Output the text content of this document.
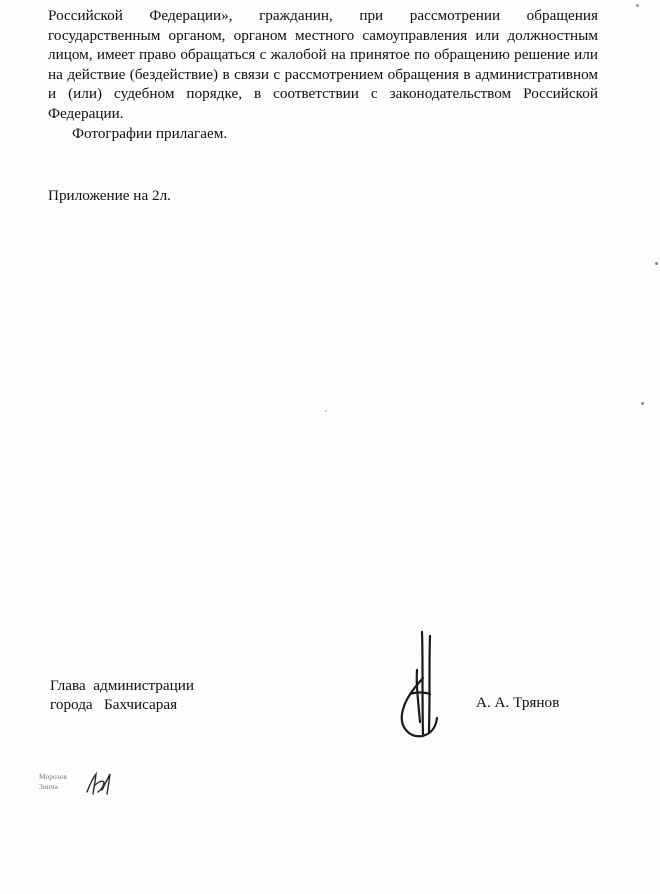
Российской Федерации», гражданин, при рассмотрении обращения государственным органом, органом местного самоуправления или должностным лицом, имеет право обращаться с жалобой на принятое по обращению решение или на действие (бездействие) в связи с рассмотрением обращения в административном и (или) судебном порядке, в соответствии с законодательством Российской Федерации.

Фотографии прилагаем.

Приложение на 2л.
Глава  администрации
города   Бахчисарая	А. А. Трянов
Морозов
Зинча
